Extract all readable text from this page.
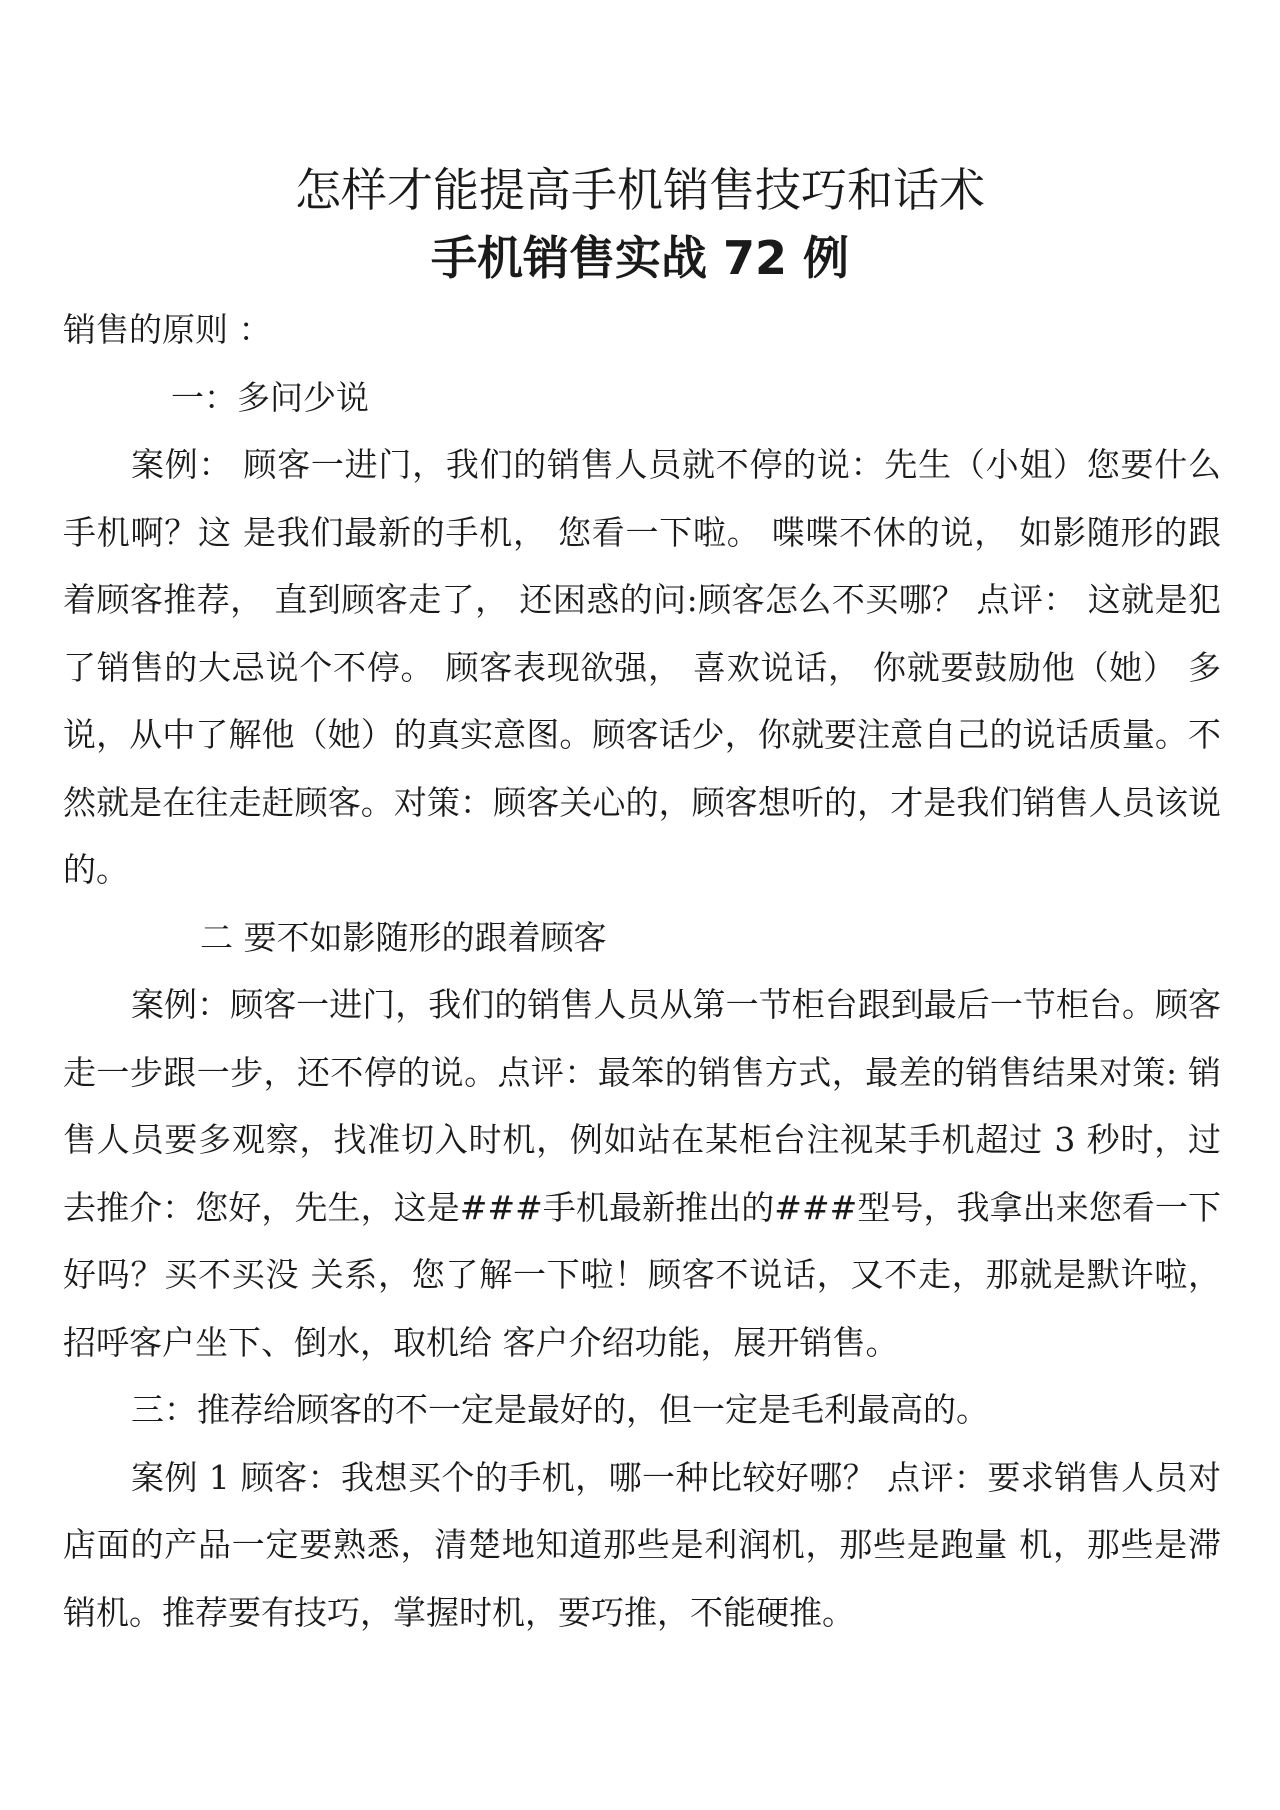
怎样才能提高手机销售技巧和话术
手机销售实战 72 例

销售的原则 ：

一：多问少说

案例： 顾客一进门，我们的销售人员就不停的说：先生（小姐）您要什么手机啊？这 是我们最新的手机， 您看一下啦。 喋喋不休的说， 如影随形的跟着顾客推荐， 直到顾客走了， 还困惑的问:顾客怎么不买哪？ 点评： 这就是犯了销售的大忌说个不停。 顾客表现欲强， 喜欢说话， 你就要鼓励他（她） 多说，从中了解他（她）的真实意图。顾客话少，你就要注意自己的说话质量。不然就是在往走赶顾客。对策：顾客关心的，顾客想听的，才是我们销售人员该说的。

二 要不如影随形的跟着顾客

案例：顾客一进门，我们的销售人员从第一节柜台跟到最后一节柜台。顾客走一步跟一步，还不停的说。点评：最笨的销售方式，最差的销售结果对策: 销售人员要多观察，找准切入时机，例如站在某柜台注视某手机超过 3 秒时，过 去推介：您好，先生，这是###手机最新推出的###型号，我拿出来您看一下好吗？买不买没 关系，您了解一下啦！顾客不说话，又不走，那就是默许啦，招呼客户坐下、倒水，取机给 客户介绍功能，展开销售。

三：推荐给顾客的不一定是最好的，但一定是毛利最高的。

案例 1 顾客：我想买个的手机，哪一种比较好哪？ 点评：要求销售人员对店面的产品一定要熟悉，清楚地知道那些是利润机，那些是跑量 机，那些是滞销机。推荐要有技巧，掌握时机，要巧推，不能硬推。
